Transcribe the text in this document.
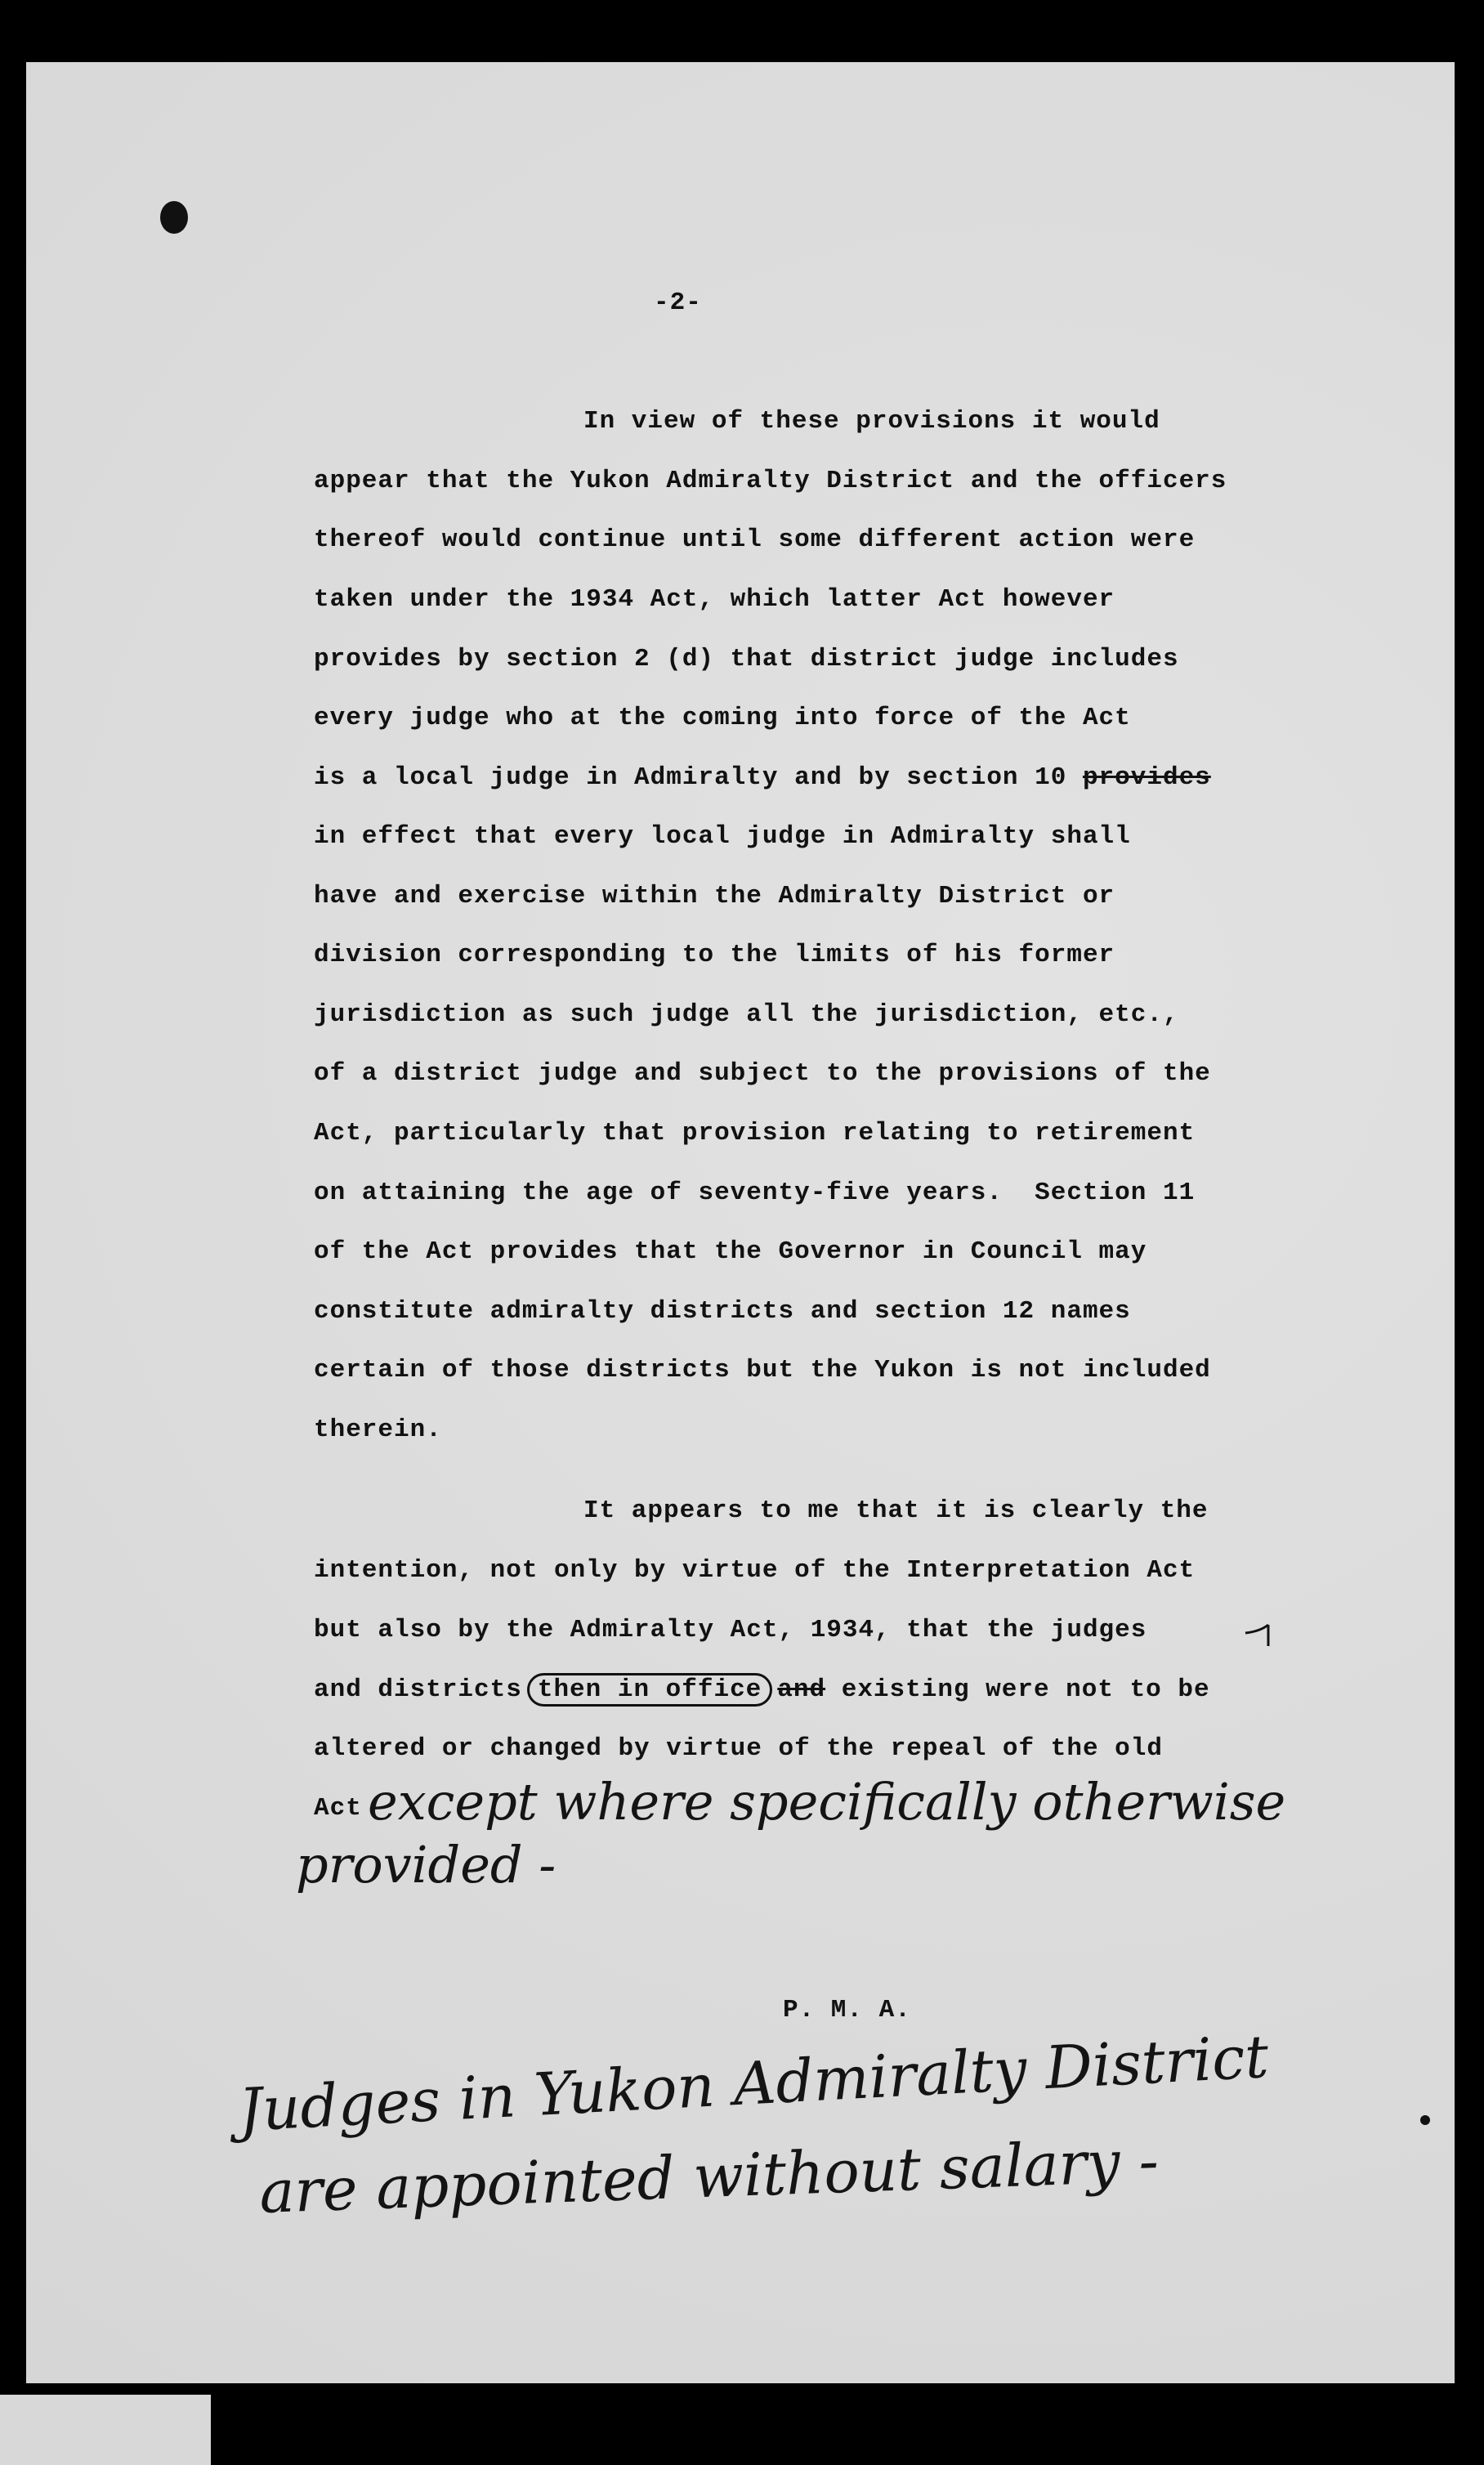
-2-
In view of these provisions it would
appear that the Yukon Admiralty District and the officers
thereof would continue until some different action were
taken under the 1934 Act, which latter Act however
provides by section 2 (d) that district judge includes
every judge who at the coming into force of the Act
is a local judge in Admiralty and by section 10 provides
in effect that every local judge in Admiralty shall
have and exercise within the Admiralty District or
division corresponding to the limits of his former
jurisdiction as such judge all the jurisdiction, etc.,
of a district judge and subject to the provisions of the
Act, particularly that provision relating to retirement
on attaining the age of seventy-five years.  Section 11
of the Act provides that the Governor in Council may
constitute admiralty districts and section 12 names
certain of those districts but the Yukon is not included
therein.
It appears to me that it is clearly the
intention, not only by virtue of the Interpretation Act
but also by the Admiralty Act, 1934, that the judges
and districts then in office and existing were not to be
altered or changed by virtue of the repeal of the old
Act except where specifically otherwise
provided -
P. M. A.
Judges in Yukon Admiralty District
are appointed without salary -
